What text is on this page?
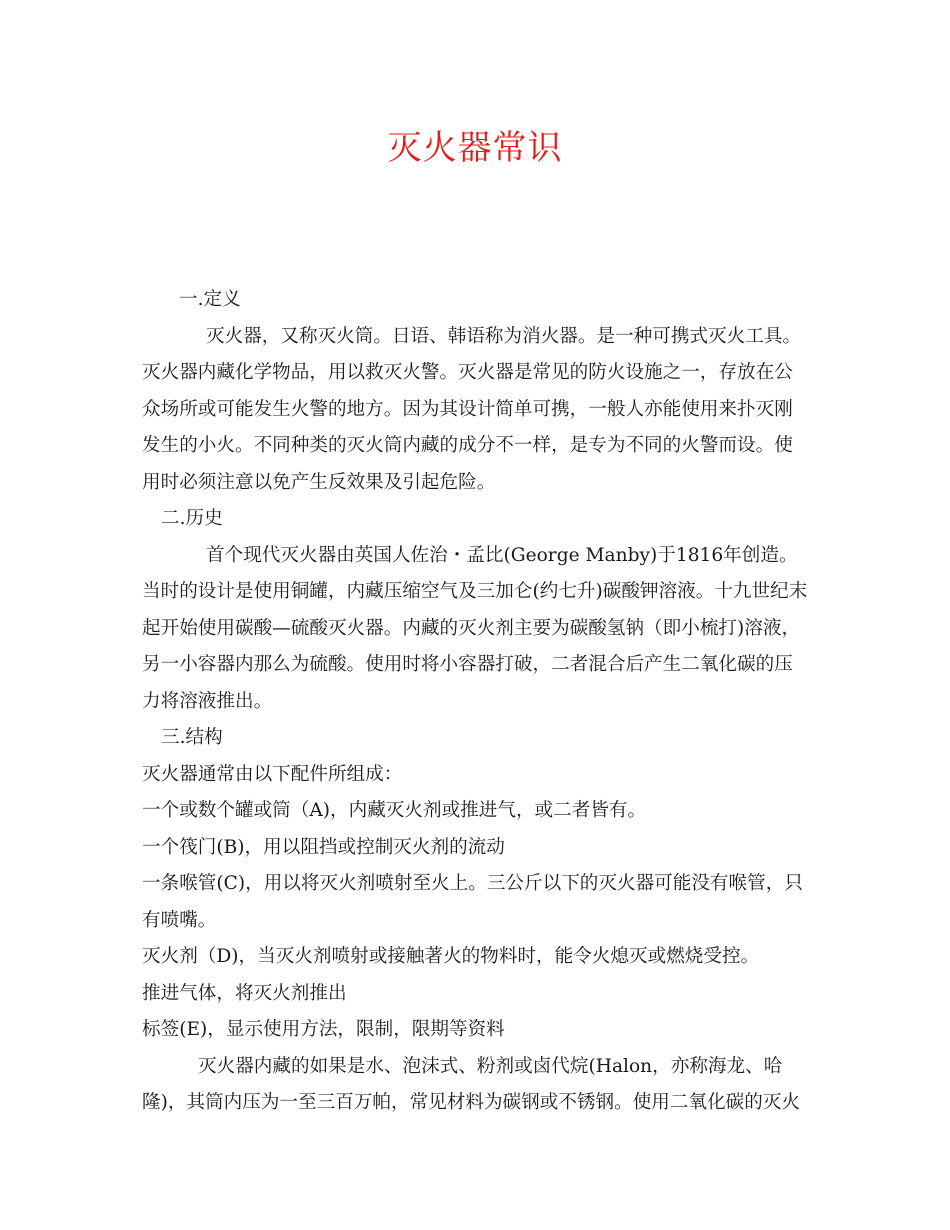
灭火器常识

一.定义

灭火器，又称灭火筒。日语、韩语称为消火器。是一种可携式灭火工具。灭火器内藏化学物品，用以救灭火警。灭火器是常见的防火设施之一，存放在公众场所或可能发生火警的地方。因为其设计简单可携，一般人亦能使用来扑灭刚发生的小火。不同种类的灭火筒内藏的成分不一样，是专为不同的火警而设。使用时必须注意以免产生反效果及引起危险。

二.历史

首个现代灭火器由英国人佐治・孟比(George Manby)于1816年创造。当时的设计是使用铜罐，内藏压缩空气及三加仑(约七升)碳酸钾溶液。十九世纪末起开始使用碳酸—硫酸灭火器。内藏的灭火剂主要为碳酸氢钠（即小梳打)溶液，另一小容器内那么为硫酸。使用时将小容器打破，二者混合后产生二氧化碳的压力将溶液推出。

三.结构

灭火器通常由以下配件所组成：

一个或数个罐或筒（A)，内藏灭火剂或推进气，或二者皆有。

一个筏门(B)，用以阻挡或控制灭火剂的流动

一条喉管(C)，用以将灭火剂喷射至火上。三公斤以下的灭火器可能没有喉管，只有喷嘴。

灭火剂（D)，当灭火剂喷射或接触著火的物料时，能令火熄灭或燃烧受控。

推进气体，将灭火剂推出

标签(E)，显示使用方法，限制，限期等资料

灭火器内藏的如果是水、泡沫式、粉剂或卤代烷(Halon，亦称海龙、哈隆)，其筒内压为一至三百万帕，常见材料为碳钢或不锈钢。使用二氧化碳的灭火
